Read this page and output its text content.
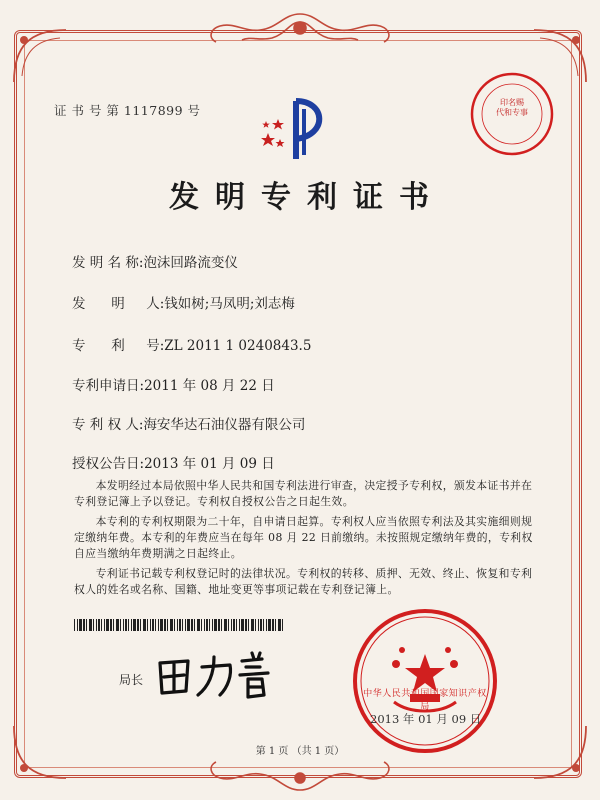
证 书 号 第 1117899 号
印名赐
代和专事
发明专利证书
发 明 名 称:泡沫回路流变仪
发      明     人:钱如树;马凤明;刘志梅
专      利     号:ZL 2011 1 0240843.5
专利申请日:2011 年 08 月 22 日
专 利 权 人:海安华达石油仪器有限公司
授权公告日:2013 年 01 月 09 日

本发明经过本局依照中华人民共和国专利法进行审查，决定授予专利权，颁发本证书并在专利登记簿上予以登记。专利权自授权公告之日起生效。

本专利的专利权期限为二十年，自申请日起算。专利权人应当依照专利法及其实施细则规定缴纳年费。本专利的年费应当在每年 08 月 22 日前缴纳。未按照规定缴纳年费的，专利权自应当缴纳年费期满之日起终止。

专利证书记载专利权登记时的法律状况。专利权的转移、质押、无效、终止、恢复和专利权人的姓名或名称、国籍、地址变更等事项记载在专利登记簿上。

局长
中华人民共和国国家知识产权局
2013 年 01 月 09 日
第 1 页 （共 1 页）
